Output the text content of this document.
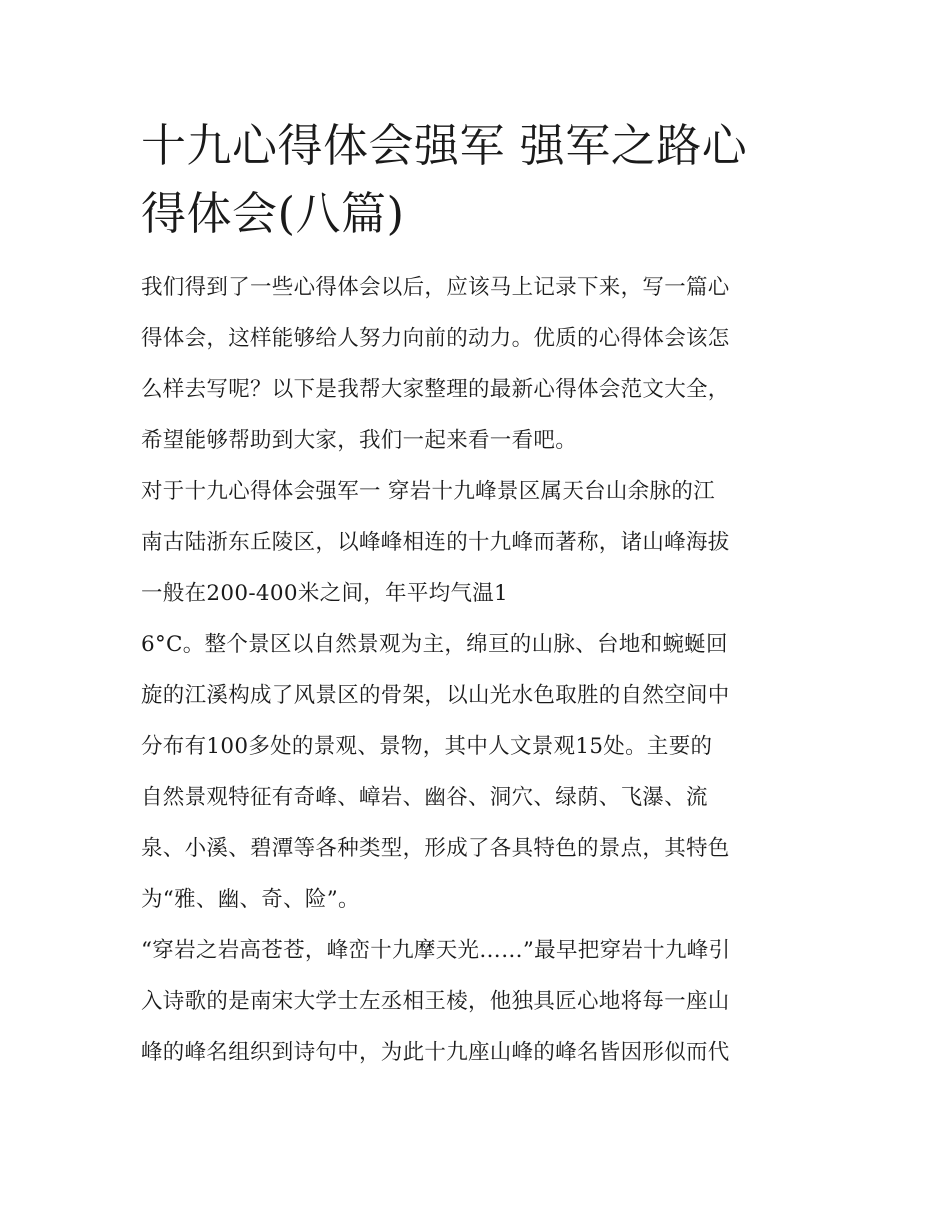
十九心得体会强军 强军之路心
得体会(八篇)

我们得到了一些心得体会以后，应该马上记录下来，写一篇心
得体会，这样能够给人努力向前的动力。优质的心得体会该怎
么样去写呢？以下是我帮大家整理的最新心得体会范文大全，
希望能够帮助到大家，我们一起来看一看吧。

对于十九心得体会强军一 穿岩十九峰景区属天台山余脉的江
南古陆浙东丘陵区，以峰峰相连的十九峰而著称，诸山峰海拔
一般在200-400米之间，年平均气温1

6°C。整个景区以自然景观为主，绵亘的山脉、台地和蜿蜒回
旋的江溪构成了风景区的骨架，以山光水色取胜的自然空间中
分布有100多处的景观、景物，其中人文景观15处。主要的
自然景观特征有奇峰、嶂岩、幽谷、洞穴、绿荫、飞瀑、流
泉、小溪、碧潭等各种类型，形成了各具特色的景点，其特色
为“雅、幽、奇、险”。

“穿岩之岩高苍苍，峰峦十九摩天光……”最早把穿岩十九峰引
入诗歌的是南宋大学士左丞相王棱，他独具匠心地将每一座山
峰的峰名组织到诗句中，为此十九座山峰的峰名皆因形似而代
